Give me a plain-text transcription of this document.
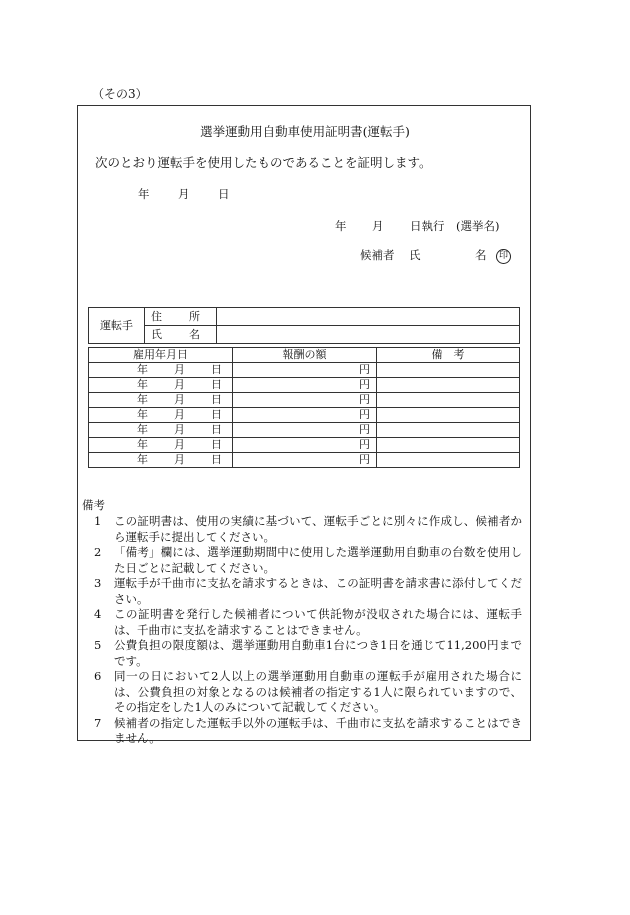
（その3）
選挙運動用自動車使用証明書(運転手)
次のとおり運転手を使用したものであることを証明します。
年 月 日
年 月 日執行 (選挙名)
候補者 氏	名	印
運転手	住 所	
	氏 名	
雇用年月日	報酬の額	備　考
年 月 日	円	
年 月 日	円	
年 月 日	円	
年 月 日	円	
年 月 日	円	
年 月 日	円	
年 月 日	円	
備考

1 この証明書は、使用の実績に基づいて、運転手ごとに別々に作成し、候補者から運転手に提出してください。

2 「備考」欄には、選挙運動期間中に使用した選挙運動用自動車の台数を使用した日ごとに記載してください。

3 運転手が千曲市に支払を請求するときは、この証明書を請求書に添付してください。

4 この証明書を発行した候補者について供託物が没収された場合には、運転手は、千曲市に支払を請求することはできません。

5 公費負担の限度額は、選挙運動用自動車1台につき1日を通じて11,200円までです。

6 同一の日において2人以上の選挙運動用自動車の運転手が雇用された場合には、公費負担の対象となるのは候補者の指定する1人に限られていますので、その指定をした1人のみについて記載してください。

7 候補者の指定した運転手以外の運転手は、千曲市に支払を請求することはできません。
